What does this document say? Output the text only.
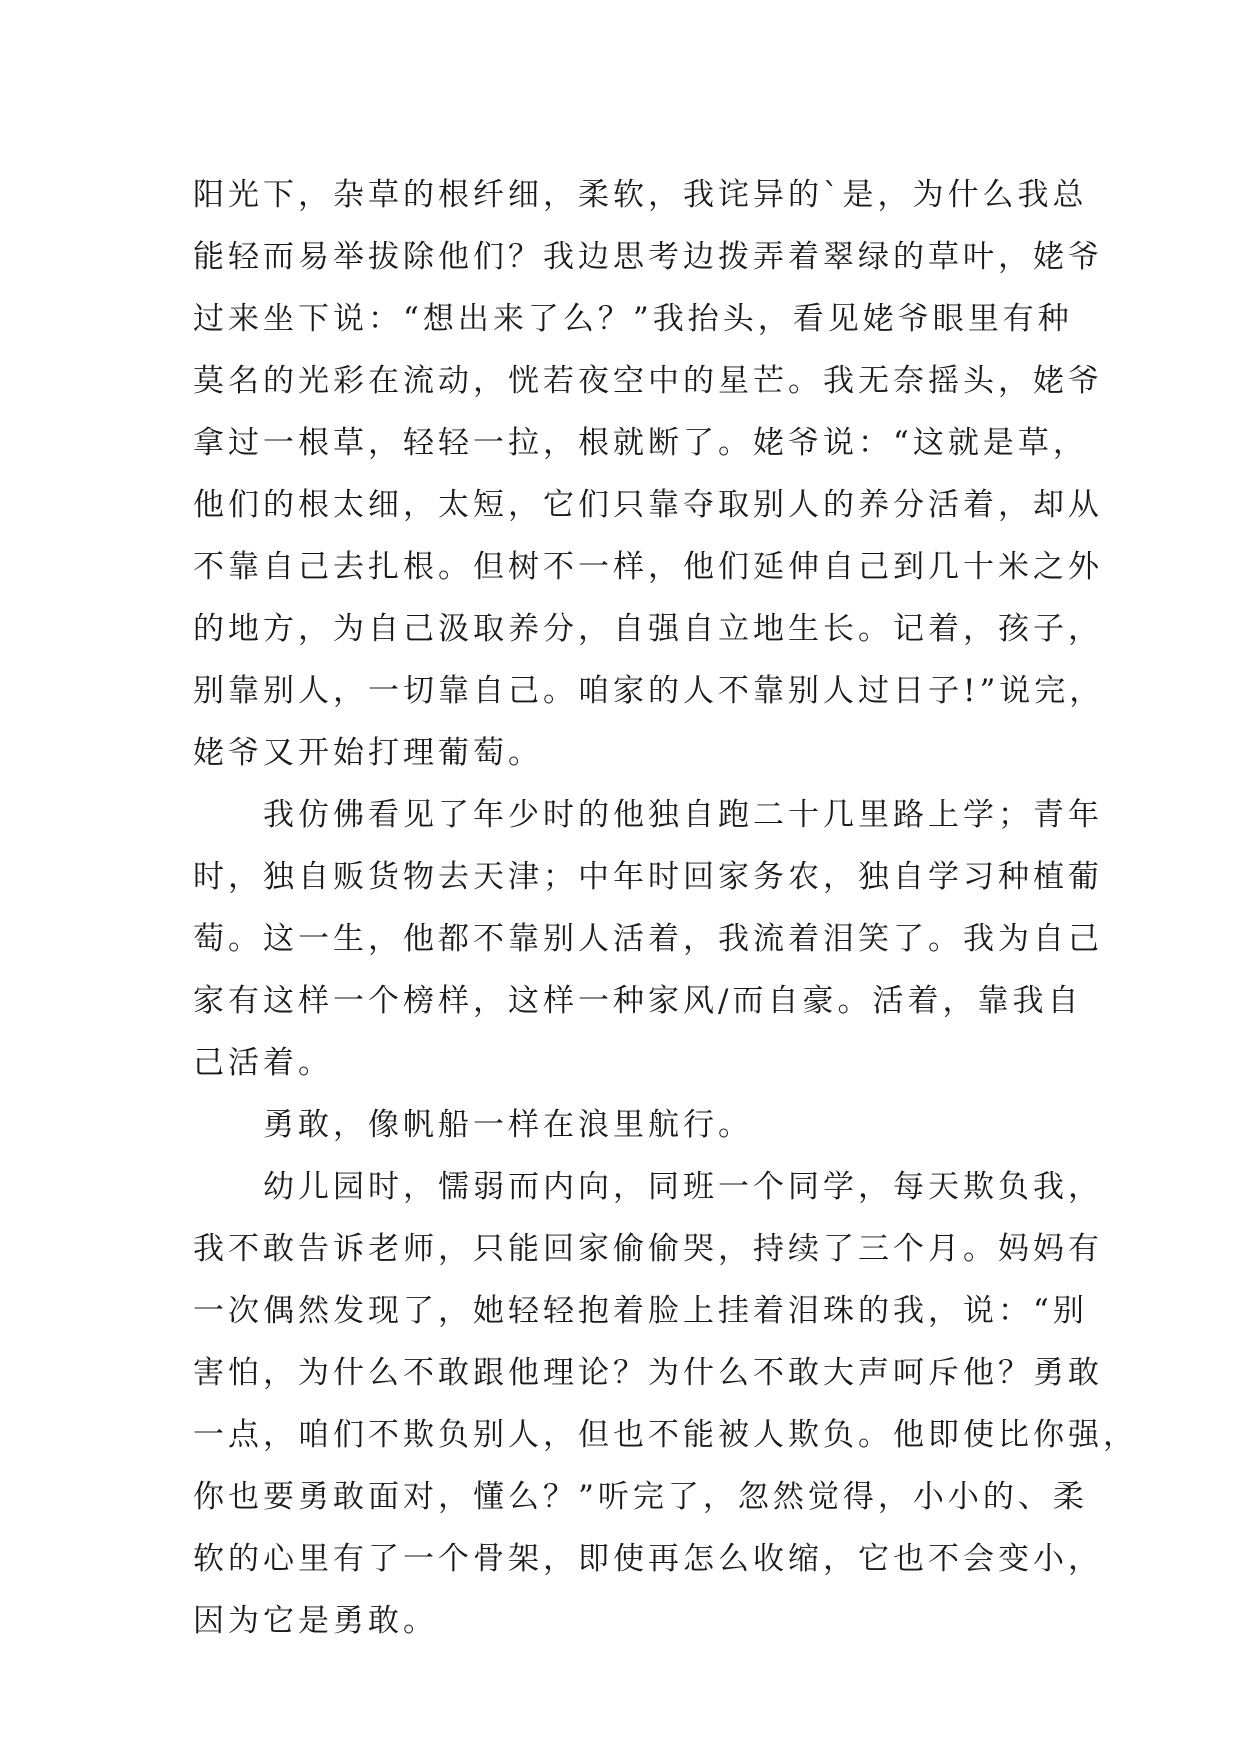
阳光下，杂草的根纤细，柔软，我诧异的`是，为什么我总
能轻而易举拔除他们？我边思考边拨弄着翠绿的草叶，姥爷
过来坐下说：“想出来了么？”我抬头，看见姥爷眼里有种
莫名的光彩在流动，恍若夜空中的星芒。我无奈摇头，姥爷
拿过一根草，轻轻一拉，根就断了。姥爷说：“这就是草，
他们的根太细，太短，它们只靠夺取别人的养分活着，却从
不靠自己去扎根。但树不一样，他们延伸自己到几十米之外
的地方，为自己汲取养分，自强自立地生长。记着，孩子，
别靠别人，一切靠自己。咱家的人不靠别人过日子!”说完，
姥爷又开始打理葡萄。
　　我仿佛看见了年少时的他独自跑二十几里路上学；青年
时，独自贩货物去天津；中年时回家务农，独自学习种植葡
萄。这一生，他都不靠别人活着，我流着泪笑了。我为自己
家有这样一个榜样，这样一种家风/而自豪。活着，靠我自
己活着。
　　勇敢，像帆船一样在浪里航行。
　　幼儿园时，懦弱而内向，同班一个同学，每天欺负我，
我不敢告诉老师，只能回家偷偷哭，持续了三个月。妈妈有
一次偶然发现了，她轻轻抱着脸上挂着泪珠的我，说：“别
害怕，为什么不敢跟他理论？为什么不敢大声呵斥他？勇敢
一点，咱们不欺负别人，但也不能被人欺负。他即使比你强，
你也要勇敢面对，懂么？”听完了，忽然觉得，小小的、柔
软的心里有了一个骨架，即使再怎么收缩，它也不会变小，
因为它是勇敢。
